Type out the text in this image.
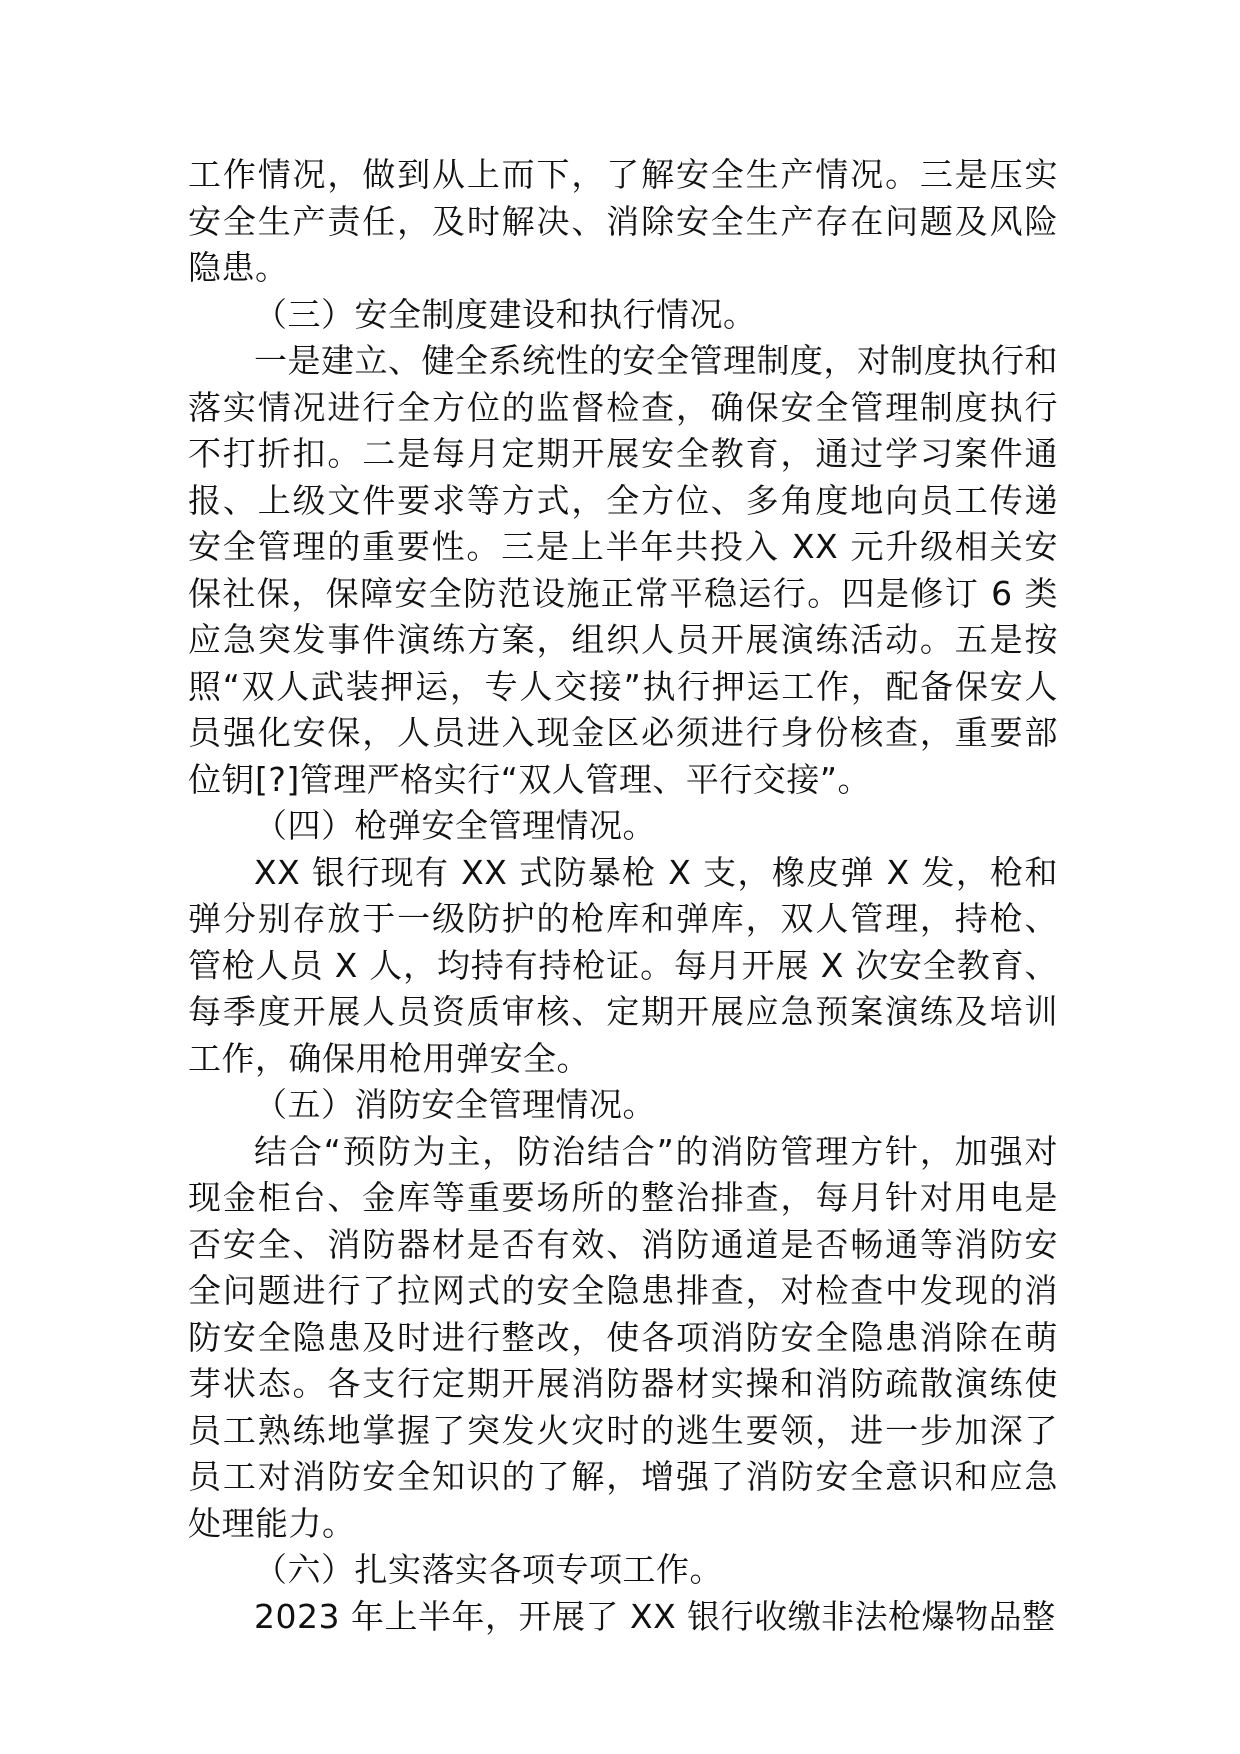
工作情况，做到从上而下，了解安全生产情况。三是压实安全生产责任，及时解决、消除安全生产存在问题及风险隐患。

（三）安全制度建设和执行情况。

一是建立、健全系统性的安全管理制度，对制度执行和落实情况进行全方位的监督检查，确保安全管理制度执行不打折扣。二是每月定期开展安全教育，通过学习案件通报、上级文件要求等方式，全方位、多角度地向员工传递安全管理的重要性。三是上半年共投入 XX 元升级相关安保社保，保障安全防范设施正常平稳运行。四是修订 6 类应急突发事件演练方案，组织人员开展演练活动。五是按照“双人武装押运，专人交接”执行押运工作，配备保安人员强化安保，人员进入现金区必须进行身份核查，重要部位钥[?]管理严格实行“双人管理、平行交接”。

（四）枪弹安全管理情况。

XX 银行现有 XX 式防暴枪 X 支，橡皮弹 X 发，枪和弹分别存放于一级防护的枪库和弹库，双人管理，持枪、管枪人员 X 人，均持有持枪证。每月开展 X 次安全教育、每季度开展人员资质审核、定期开展应急预案演练及培训工作，确保用枪用弹安全。

（五）消防安全管理情况。

结合“预防为主，防治结合”的消防管理方针，加强对现金柜台、金库等重要场所的整治排查，每月针对用电是否安全、消防器材是否有效、消防通道是否畅通等消防安全问题进行了拉网式的安全隐患排查，对检查中发现的消防安全隐患及时进行整改，使各项消防安全隐患消除在萌芽状态。各支行定期开展消防器材实操和消防疏散演练使员工熟练地掌握了突发火灾时的逃生要领，进一步加深了员工对消防安全知识的了解，增强了消防安全意识和应急处理能力。

（六）扎实落实各项专项工作。

2023 年上半年，开展了 XX 银行收缴非法枪爆物品整
